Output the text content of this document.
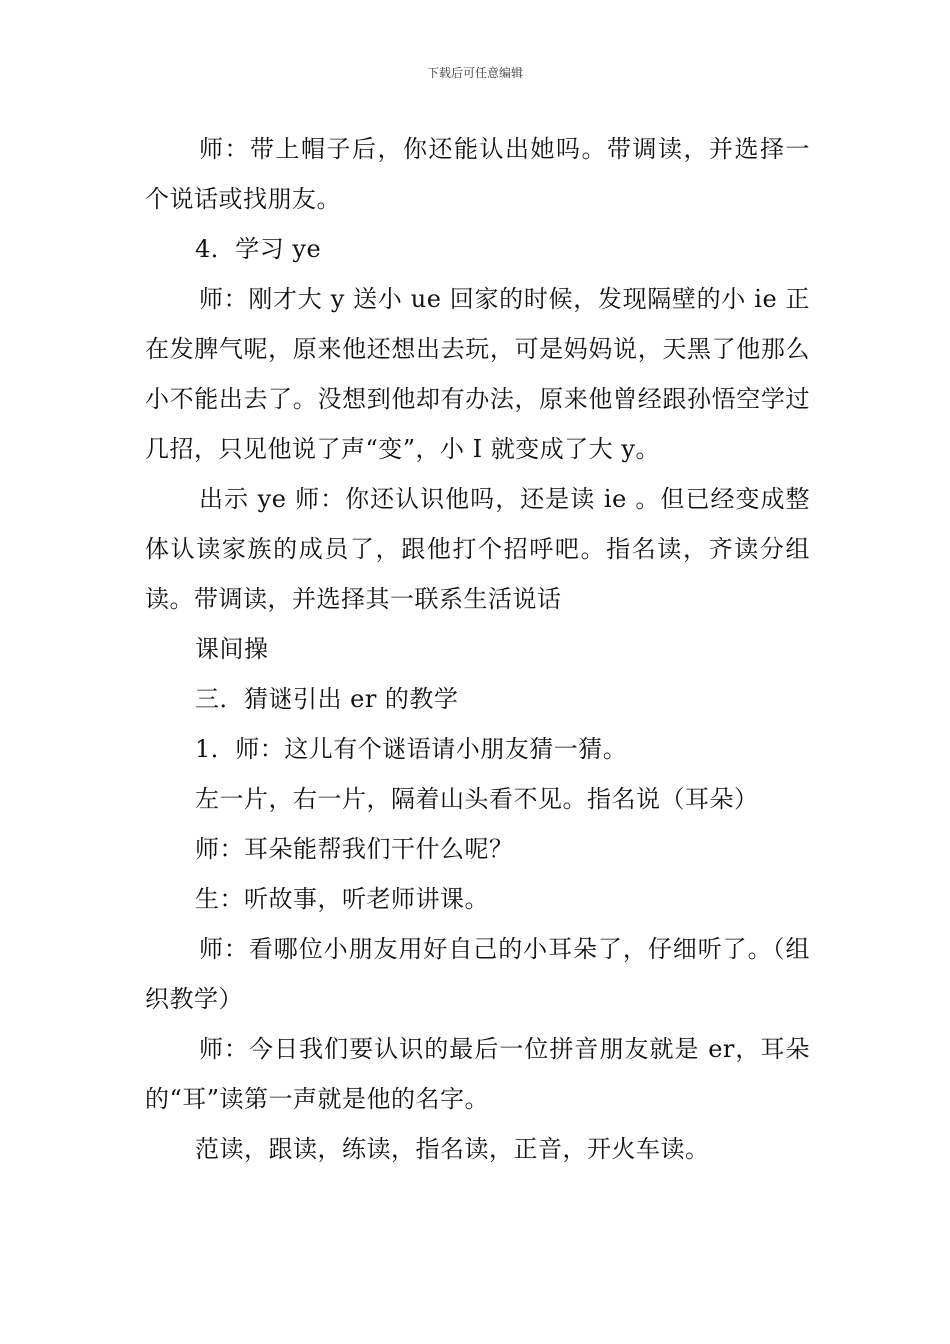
下载后可任意编辑

师：带上帽子后，你还能认出她吗。带调读，并选择一个说话或找朋友。

4．学习 ye

师：刚才大 y 送小 ue 回家的时候，发现隔壁的小 ie 正在发脾气呢，原来他还想出去玩，可是妈妈说，天黑了他那么小不能出去了。没想到他却有办法，原来他曾经跟孙悟空学过几招，只见他说了声“变”，小 I 就变成了大 y。

出示 ye 师：你还认识他吗，还是读 ie 。但已经变成整体认读家族的成员了，跟他打个招呼吧。指名读，齐读分组读。带调读，并选择其一联系生活说话

课间操

三．猜谜引出 er 的教学

1．师：这儿有个谜语请小朋友猜一猜。

左一片，右一片，隔着山头看不见。指名说（耳朵）

师：耳朵能帮我们干什么呢？

生：听故事，听老师讲课。

师：看哪位小朋友用好自己的小耳朵了，仔细听了。（组织教学）

师：今日我们要认识的最后一位拼音朋友就是 er，耳朵的“耳”读第一声就是他的名字。

范读，跟读，练读，指名读，正音，开火车读。
